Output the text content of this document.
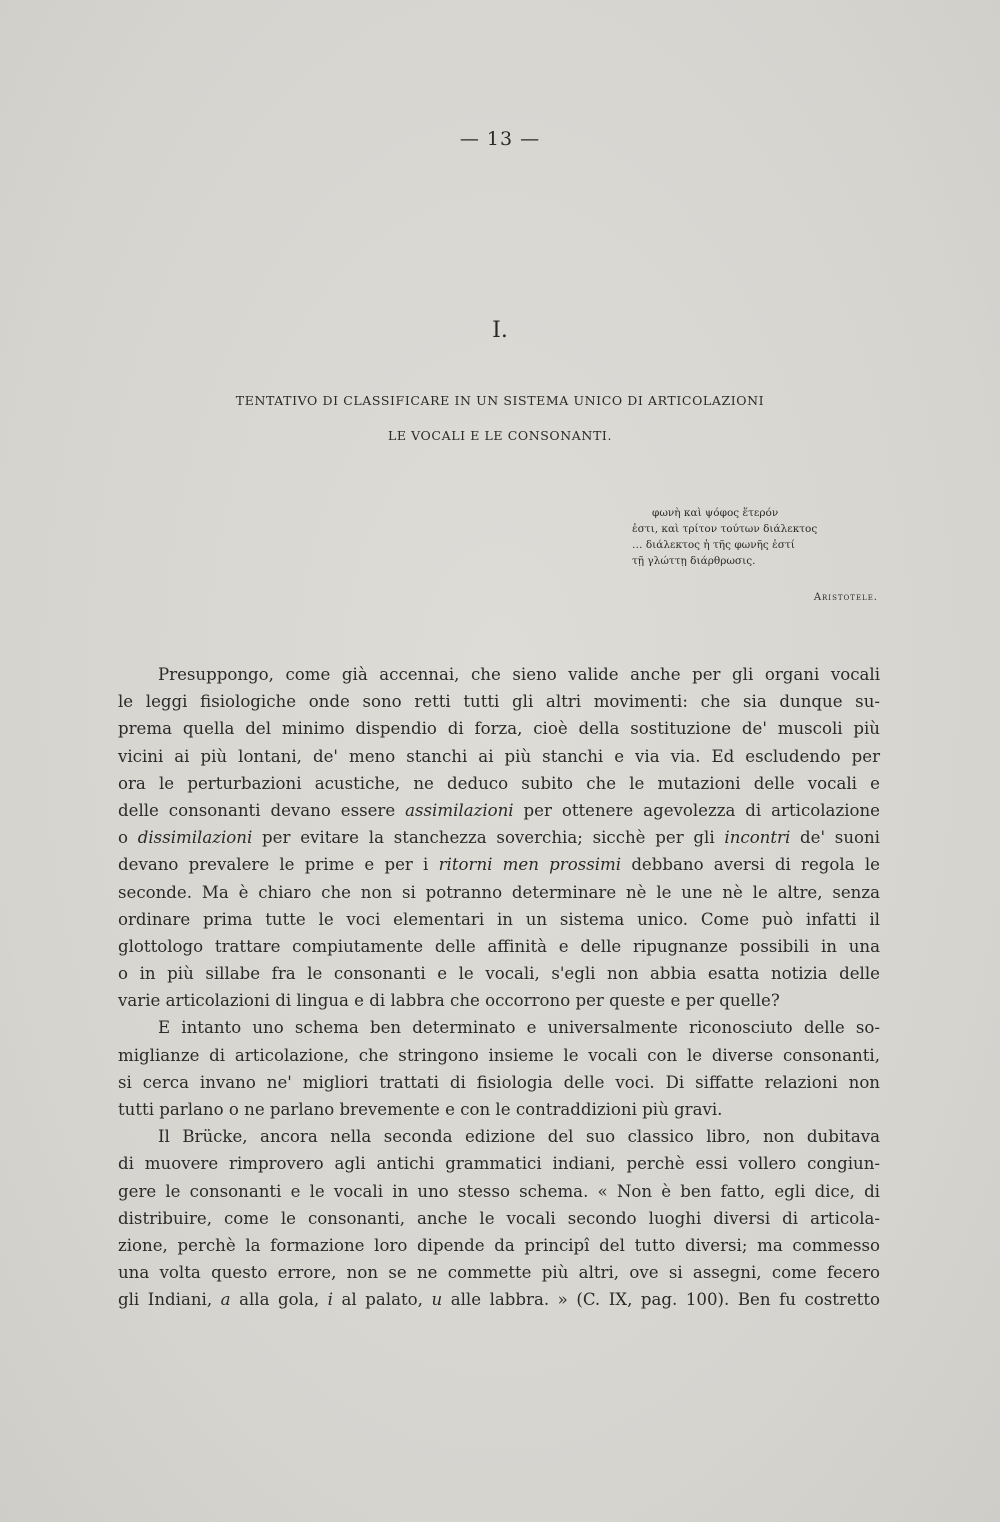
— 13 —
I.
TENTATIVO DI CLASSIFICARE IN UN SISTEMA UNICO DI ARTICOLAZIONI
LE VOCALI E LE CONSONANTI.
φωνὴ καὶ ψόφος ἕτερόν
ἐστι, καὶ τρίτον τούτων διάλεκτος
… διάλεκτος ἡ τῆς φωνῆς ἐστί
τῇ γλώττῃ διάρθρωσις.
Aristotele.
Presuppongo, come già accennai, che sieno valide anche per gli organi vocali
le leggi fisiologiche onde sono retti tutti gli altri movimenti: che sia dunque su-
prema quella del minimo dispendio di forza, cioè della sostituzione de' muscoli più
vicini ai più lontani, de' meno stanchi ai più stanchi e via via. Ed escludendo per
ora le perturbazioni acustiche, ne deduco subito che le mutazioni delle vocali e
delle consonanti devano essere assimilazioni per ottenere agevolezza di articolazione
o dissimilazioni per evitare la stanchezza soverchia; sicchè per gli incontri de' suoni
devano prevalere le prime e per i ritorni men prossimi debbano aversi di regola le
seconde. Ma è chiaro che non si potranno determinare nè le une nè le altre, senza
ordinare prima tutte le voci elementari in un sistema unico. Come può infatti il
glottologo trattare compiutamente delle affinità e delle ripugnanze possibili in una
o in più sillabe fra le consonanti e le vocali, s'egli non abbia esatta notizia delle
varie articolazioni di lingua e di labbra che occorrono per queste e per quelle?
E intanto uno schema ben determinato e universalmente riconosciuto delle so-
miglianze di articolazione, che stringono insieme le vocali con le diverse consonanti,
si cerca invano ne' migliori trattati di fisiologia delle voci. Di siffatte relazioni non
tutti parlano o ne parlano brevemente e con le contraddizioni più gravi.
Il Brücke, ancora nella seconda edizione del suo classico libro, non dubitava
di muovere rimprovero agli antichi grammatici indiani, perchè essi vollero congiun-
gere le consonanti e le vocali in uno stesso schema. « Non è ben fatto, egli dice, di
distribuire, come le consonanti, anche le vocali secondo luoghi diversi di articola-
zione, perchè la formazione loro dipende da principî del tutto diversi; ma commesso
una volta questo errore, non se ne commette più altri, ove si assegni, come fecero
gli Indiani, a alla gola, i al palato, u alle labbra. » (C. IX, pag. 100). Ben fu costretto
